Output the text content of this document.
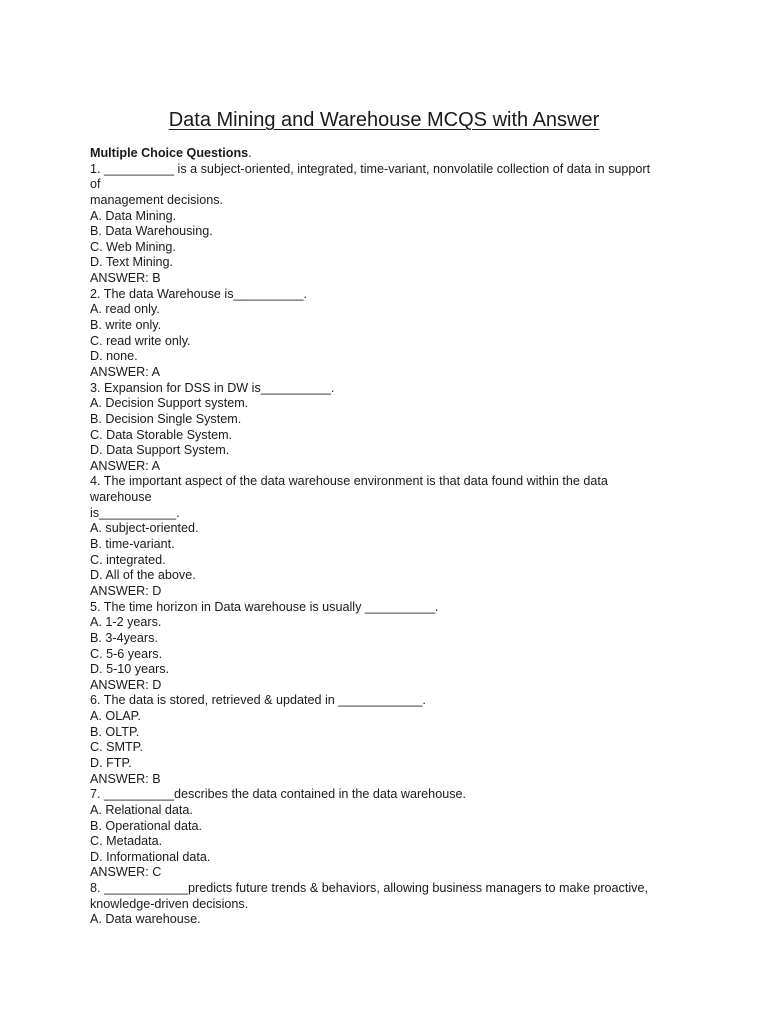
Data Mining and Warehouse MCQS with Answer
Multiple Choice Questions.
1. __________ is a subject-oriented, integrated, time-variant, nonvolatile collection of data in support
of
management decisions.
A. Data Mining.
B. Data Warehousing.
C. Web Mining.
D. Text Mining.
ANSWER: B
2. The data Warehouse is__________.
A. read only.
B. write only.
C. read write only.
D. none.
ANSWER: A
3. Expansion for DSS in DW is__________.
A. Decision Support system.
B. Decision Single System.
C. Data Storable System.
D. Data Support System.
ANSWER: A
4. The important aspect of the data warehouse environment is that data found within the data
warehouse
is___________.
A. subject-oriented.
B. time-variant.
C. integrated.
D. All of the above.
ANSWER: D
5. The time horizon in Data warehouse is usually __________.
A. 1-2 years.
B. 3-4years.
C. 5-6 years.
D. 5-10 years.
ANSWER: D
6. The data is stored, retrieved & updated in ____________.
A. OLAP.
B. OLTP.
C. SMTP.
D. FTP.
ANSWER: B
7. __________describes the data contained in the data warehouse.
A. Relational data.
B. Operational data.
C. Metadata.
D. Informational data.
ANSWER: C
8. ____________predicts future trends & behaviors, allowing business managers to make proactive,
knowledge-driven decisions.
A. Data warehouse.
